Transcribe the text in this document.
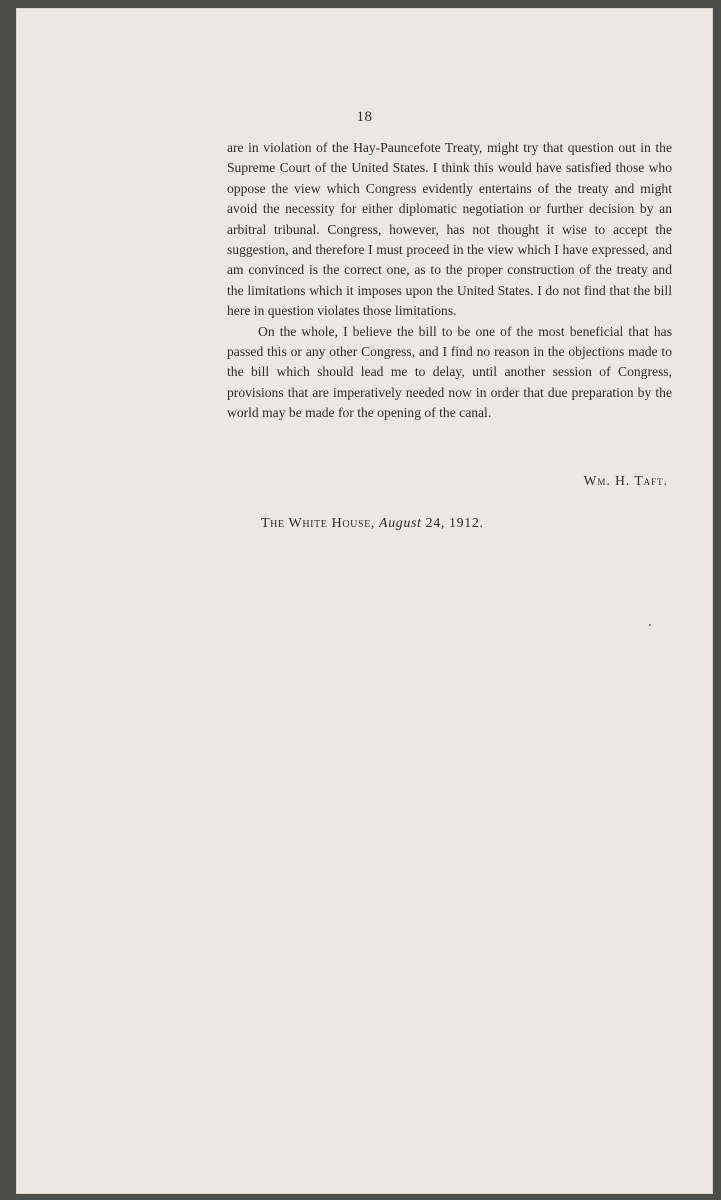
18

are in violation of the Hay-Pauncefote Treaty, might try that question out in the Supreme Court of the United States. I think this would have satisfied those who oppose the view which Congress evidently entertains of the treaty and might avoid the necessity for either diplomatic negotiation or further decision by an arbitral tribunal. Congress, however, has not thought it wise to accept the suggestion, and therefore I must proceed in the view which I have expressed, and am convinced is the correct one, as to the proper construction of the treaty and the limitations which it imposes upon the United States. I do not find that the bill here in question violates those limitations.

On the whole, I believe the bill to be one of the most beneficial that has passed this or any other Congress, and I find no reason in the objections made to the bill which should lead me to delay, until another session of Congress, provisions that are imperatively needed now in order that due preparation by the world may be made for the opening of the canal.

Wm. H. Taft.
The White House, August 24, 1912.
